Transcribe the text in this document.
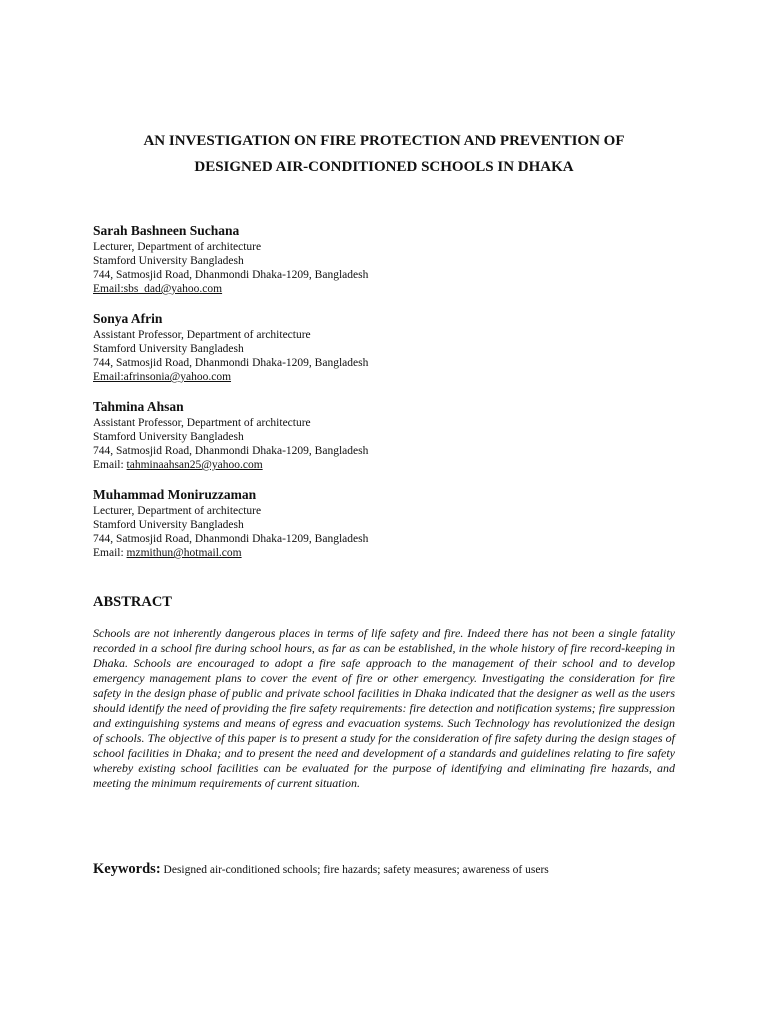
AN INVESTIGATION ON FIRE PROTECTION AND PREVENTION OF
DESIGNED AIR-CONDITIONED SCHOOLS IN DHAKA
Sarah Bashneen Suchana
Lecturer, Department of architecture
Stamford University Bangladesh
744, Satmosjid Road, Dhanmondi Dhaka-1209, Bangladesh
Email:sbs_dad@yahoo.com
Sonya Afrin
Assistant Professor, Department of architecture
Stamford University Bangladesh
744, Satmosjid Road, Dhanmondi Dhaka-1209, Bangladesh
Email:afrinsonia@yahoo.com
Tahmina Ahsan
Assistant Professor, Department of architecture
Stamford University Bangladesh
744, Satmosjid Road, Dhanmondi Dhaka-1209, Bangladesh
Email: tahminaahsan25@yahoo.com
Muhammad Moniruzzaman
Lecturer, Department of architecture
Stamford University Bangladesh
744, Satmosjid Road, Dhanmondi Dhaka-1209, Bangladesh
Email: mzmithun@hotmail.com
ABSTRACT
Schools are not inherently dangerous places in terms of life safety and fire. Indeed there has not been a single fatality recorded in a school fire during school hours, as far as can be established, in the whole history of fire record-keeping in Dhaka. Schools are encouraged to adopt a fire safe approach to the management of their school and to develop emergency management plans to cover the event of fire or other emergency. Investigating the consideration for fire safety in the design phase of public and private school facilities in Dhaka indicated that the designer as well as the users should identify the need of providing the fire safety requirements: fire detection and notification systems; fire suppression and extinguishing systems and means of egress and evacuation systems. Such Technology has revolutionized the design of schools. The objective of this paper is to present a study for the consideration of fire safety during the design stages of school facilities in Dhaka; and to present the need and development of a standards and guidelines relating to fire safety whereby existing school facilities can be evaluated for the purpose of identifying and eliminating fire hazards, and meeting the minimum requirements of current situation.
Keywords: Designed air-conditioned schools; fire hazards; safety measures; awareness of users
